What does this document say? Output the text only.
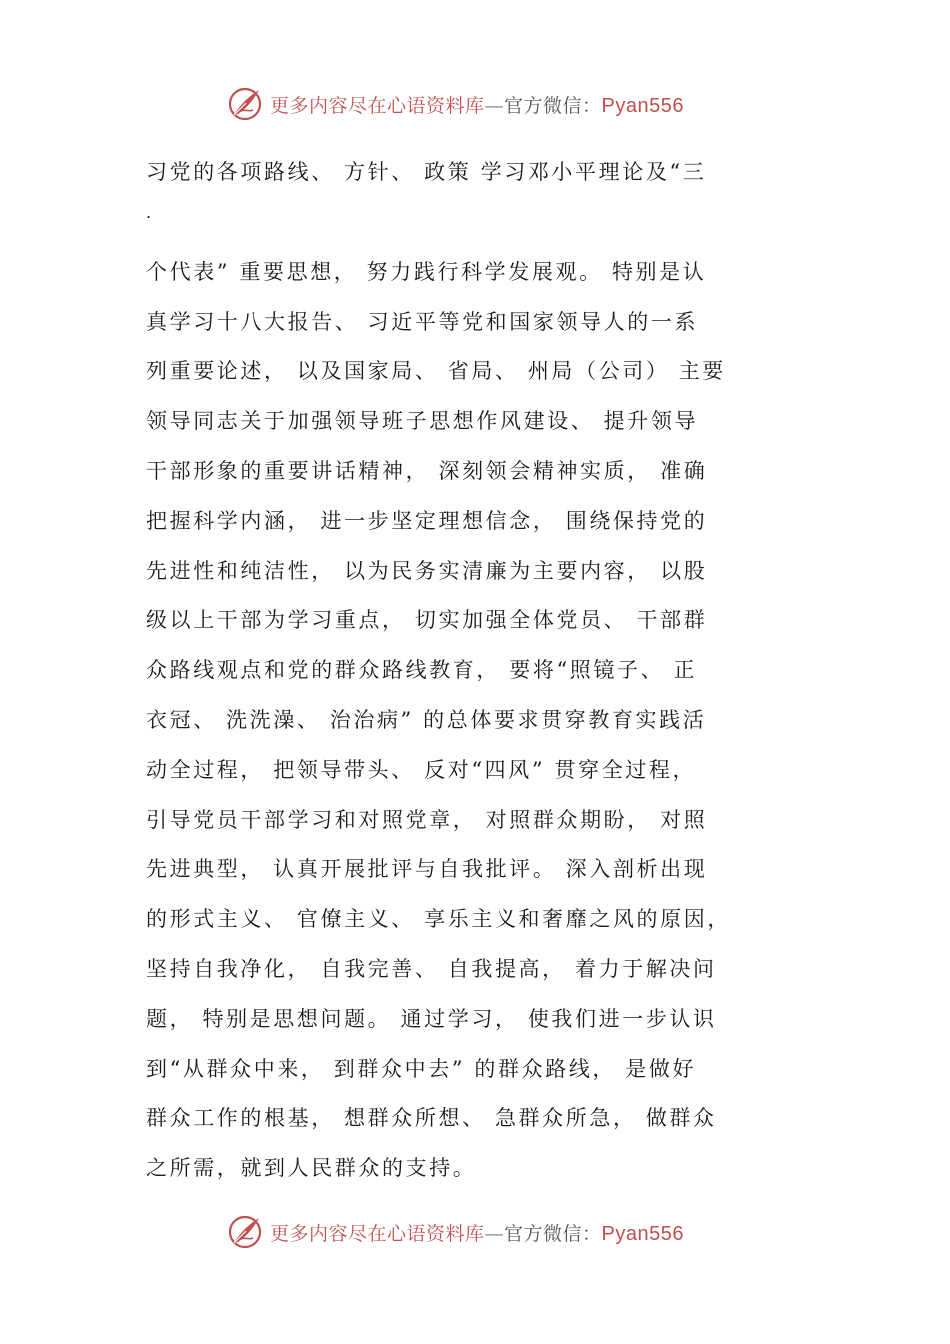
更多内容尽在心语资料库—官方微信：Pyan556
习党的各项路线、 方针、 政策 学习邓小平理论及“三
.
个代表” 重要思想， 努力践行科学发展观。 特别是认
真学习十八大报告、 习近平等党和国家领导人的一系
列重要论述， 以及国家局、 省局、 州局（公司） 主要
领导同志关于加强领导班子思想作风建设、 提升领导
干部形象的重要讲话精神， 深刻领会精神实质， 准确
把握科学内涵， 进一步坚定理想信念， 围绕保持党的
先进性和纯洁性， 以为民务实清廉为主要内容， 以股
级以上干部为学习重点， 切实加强全体党员、 干部群
众路线观点和党的群众路线教育， 要将“照镜子、 正
衣冠、 洗洗澡、 治治病” 的总体要求贯穿教育实践活
动全过程， 把领导带头、 反对“四风” 贯穿全过程，
引导党员干部学习和对照党章， 对照群众期盼， 对照
先进典型， 认真开展批评与自我批评。 深入剖析出现
的形式主义、 官僚主义、 享乐主义和奢靡之风的原因，
坚持自我净化， 自我完善、 自我提高， 着力于解决问
题， 特别是思想问题。 通过学习， 使我们进一步认识
到“从群众中来， 到群众中去” 的群众路线， 是做好
群众工作的根基， 想群众所想、 急群众所急， 做群众
之所需，就到人民群众的支持。
更多内容尽在心语资料库—官方微信：Pyan556
